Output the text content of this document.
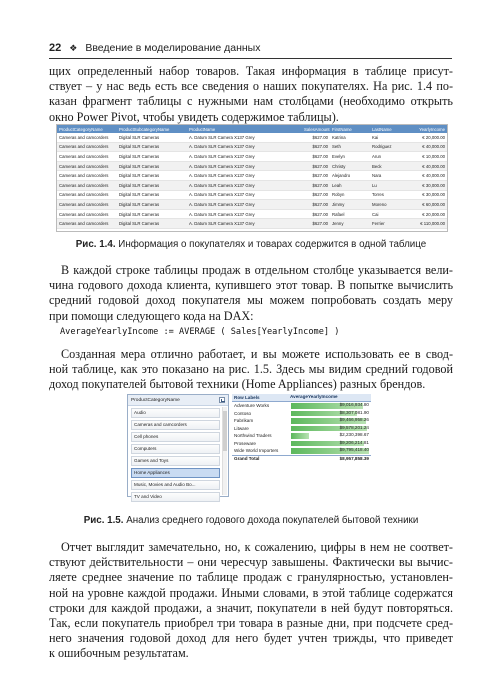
22 ❖ Введение в моделирование данных
щих определенный набор товаров. Такая информация в таблице присут-
ствует – у нас ведь есть все сведения о наших покупателях. На рис. 1.4 по-
казан фрагмент таблицы с нужными нам столбцами (необходимо открыть
окно Power Pivot, чтобы увидеть содержимое таблицы).
ProductCategoryName	ProductSubcategoryName	ProductName	SalesAmount FirstName	LastName	YearlyIncome
Cameras and camcorders	Digital SLR Cameras	A. Datum SLR Camera X137 Grey	$627.00 Katrina	Kai	€ 20,000.00
Cameras and camcorders	Digital SLR Cameras	A. Datum SLR Camera X137 Grey	$627.00 Seth	Rodriguez	€ 40,000.00
Cameras and camcorders	Digital SLR Cameras	A. Datum SLR Camera X137 Grey	$627.00 Evelyn	Arun	€ 10,000.00
Cameras and camcorders	Digital SLR Cameras	A. Datum SLR Camera X137 Grey	$627.00 Christy	Beck	€ 40,000.00
Cameras and camcorders	Digital SLR Cameras	A. Datum SLR Camera X137 Grey	$627.00 Alejandro	Nara	€ 40,000.00
Cameras and camcorders	Digital SLR Cameras	A. Datum SLR Camera X137 Grey	$627.00 Leah	Lu	€ 30,000.00
Cameras and camcorders	Digital SLR Cameras	A. Datum SLR Camera X137 Grey	$627.00 Robyn	Torres	€ 30,000.00
Cameras and camcorders	Digital SLR Cameras	A. Datum SLR Camera X137 Grey	$627.00 Jimmy	Moreno	€ 60,000.00
Cameras and camcorders	Digital SLR Cameras	A. Datum SLR Camera X137 Grey	$627.00 Rafael	Cai	€ 20,000.00
Cameras and camcorders	Digital SLR Cameras	A. Datum SLR Camera X137 Grey	$627.00 Jenny	Ferrier	€ 110,000.00
Рис. 1.4. Информация о покупателях и товарах содержится в одной таблице
В каждой строке таблицы продаж в отдельном столбце указывается вели-
чина годового дохода клиента, купившего этот товар. В попытке вычислить
средний годовой доход покупателя мы можем попробовать создать меру
при помощи следующего кода на DAX:
AverageYearlyIncome := AVERAGE ( Sales[YearlyIncome] )
Созданная мера отлично работает, и вы можете использовать ее в свод-
ной таблице, как это показано на рис. 1.5. Здесь мы видим средний годовой
доход покупателей бытовой техники (Home Appliances) разных брендов.
ProductCategoryName
Audio
Cameras and camcorders
Cell phones
Computers
Games and Toys
Home Appliances
Music, Movies and Audio Bo...
TV and Video
Row Labels	AverageYearlyIncome
Adventure Works	$9,016,934.80
Contoso	$8,307,081.90
Fabrikam	$9,466,958.26
Litware	$9,578,201.24
Northwind Traders	$2,230,398.67
Proseware	$9,206,214.81
Wide World Importers	$9,795,418.40
Grand Total	$8,957,858.39
Рис. 1.5. Анализ среднего годового дохода покупателей бытовой техники
Отчет выглядит замечательно, но, к сожалению, цифры в нем не соответ-
ствуют действительности – они чересчур завышены. Фактически вы вычис-
ляете среднее значение по таблице продаж с гранулярностью, установлен-
ной на уровне каждой продажи. Иными словами, в этой таблице содержатся
строки для каждой продажи, а значит, покупатели в ней будут повторяться.
Так, если покупатель приобрел три товара в разные дни, при подсчете сред-
него значения годовой доход для него будет учтен трижды, что приведет
к ошибочным результатам.
